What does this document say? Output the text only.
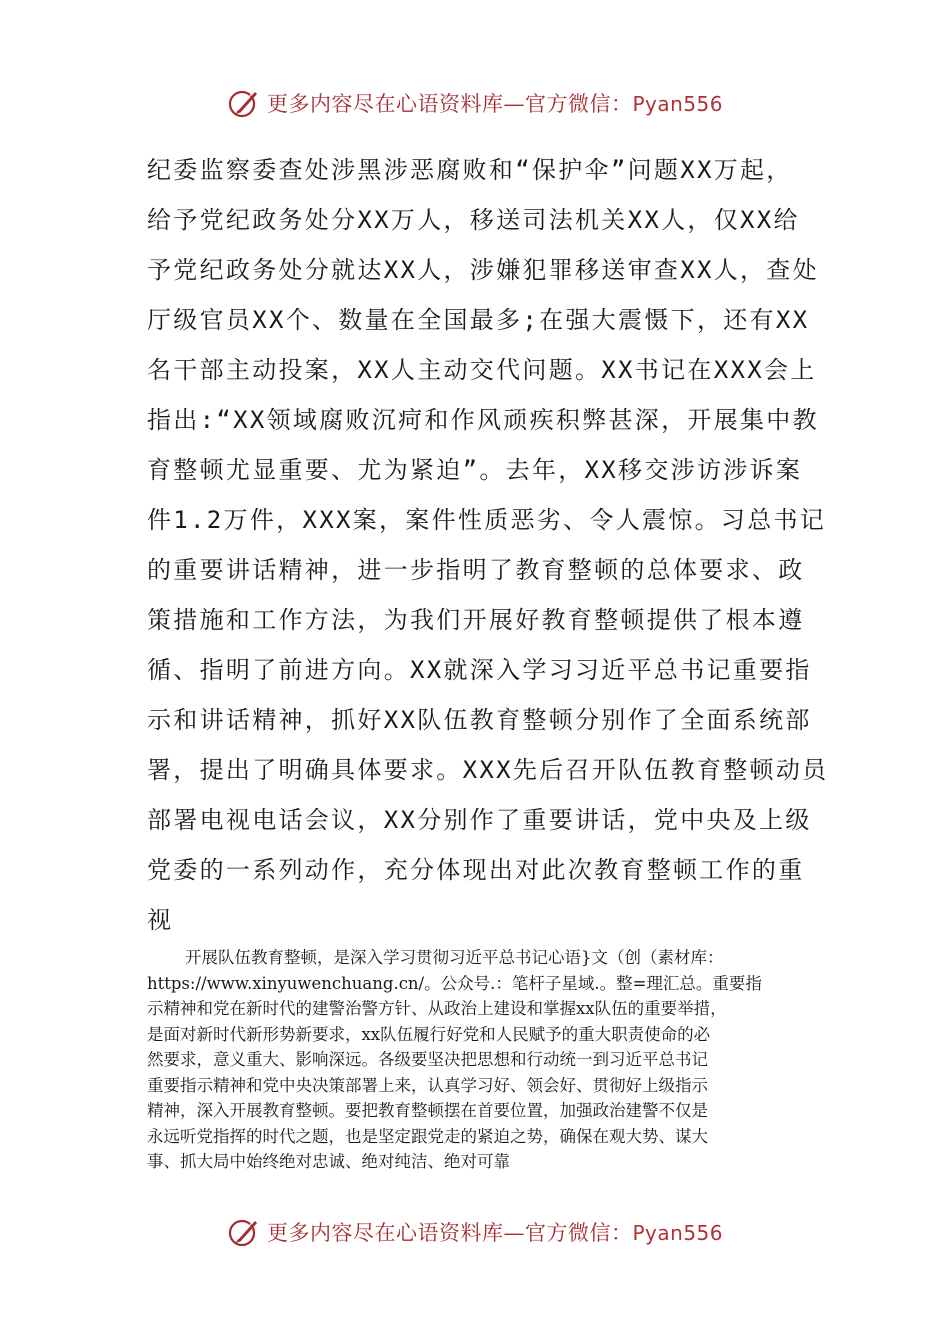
更多内容尽在心语资料库—官方微信：Pyan556
纪委监察委查处涉黑涉恶腐败和“保护伞”问题XX万起，
给予党纪政务处分XX万人，移送司法机关XX人，仅XX给
予党纪政务处分就达XX人，涉嫌犯罪移送审查XX人，查处
厅级官员XX个、数量在全国最多;在强大震慑下，还有XX
名干部主动投案，XX人主动交代问题。XX书记在XXX会上
指出:“XX领域腐败沉疴和作风顽疾积弊甚深，开展集中教
育整顿尤显重要、尤为紧迫”。去年，XX移交涉访涉诉案
件1.2万件，XXX案，案件性质恶劣、令人震惊。习总书记
的重要讲话精神，进一步指明了教育整顿的总体要求、政
策措施和工作方法，为我们开展好教育整顿提供了根本遵
循、指明了前进方向。XX就深入学习习近平总书记重要指
示和讲话精神，抓好XX队伍教育整顿分别作了全面系统部
署，提出了明确具体要求。XXX先后召开队伍教育整顿动员
部署电视电话会议，XX分别作了重要讲话，党中央及上级
党委的一系列动作，充分体现出对此次教育整顿工作的重
视
开展队伍教育整顿，是深入学习贯彻习近平总书记心语}文（创（素材库：
https://www.xinyuwenchuang.cn/。公众号.：笔杆子星域.。整=理汇总。重要指
示精神和党在新时代的建警治警方针、从政治上建设和掌握xx队伍的重要举措，
是面对新时代新形势新要求，xx队伍履行好党和人民赋予的重大职责使命的必
然要求，意义重大、影响深远。各级要坚决把思想和行动统一到习近平总书记
重要指示精神和党中央决策部署上来，认真学习好、领会好、贯彻好上级指示
精神，深入开展教育整顿。要把教育整顿摆在首要位置，加强政治建警不仅是
永远听党指挥的时代之题，也是坚定跟党走的紧迫之势，确保在观大势、谋大
事、抓大局中始终绝对忠诚、绝对纯洁、绝对可靠
更多内容尽在心语资料库—官方微信：Pyan556
